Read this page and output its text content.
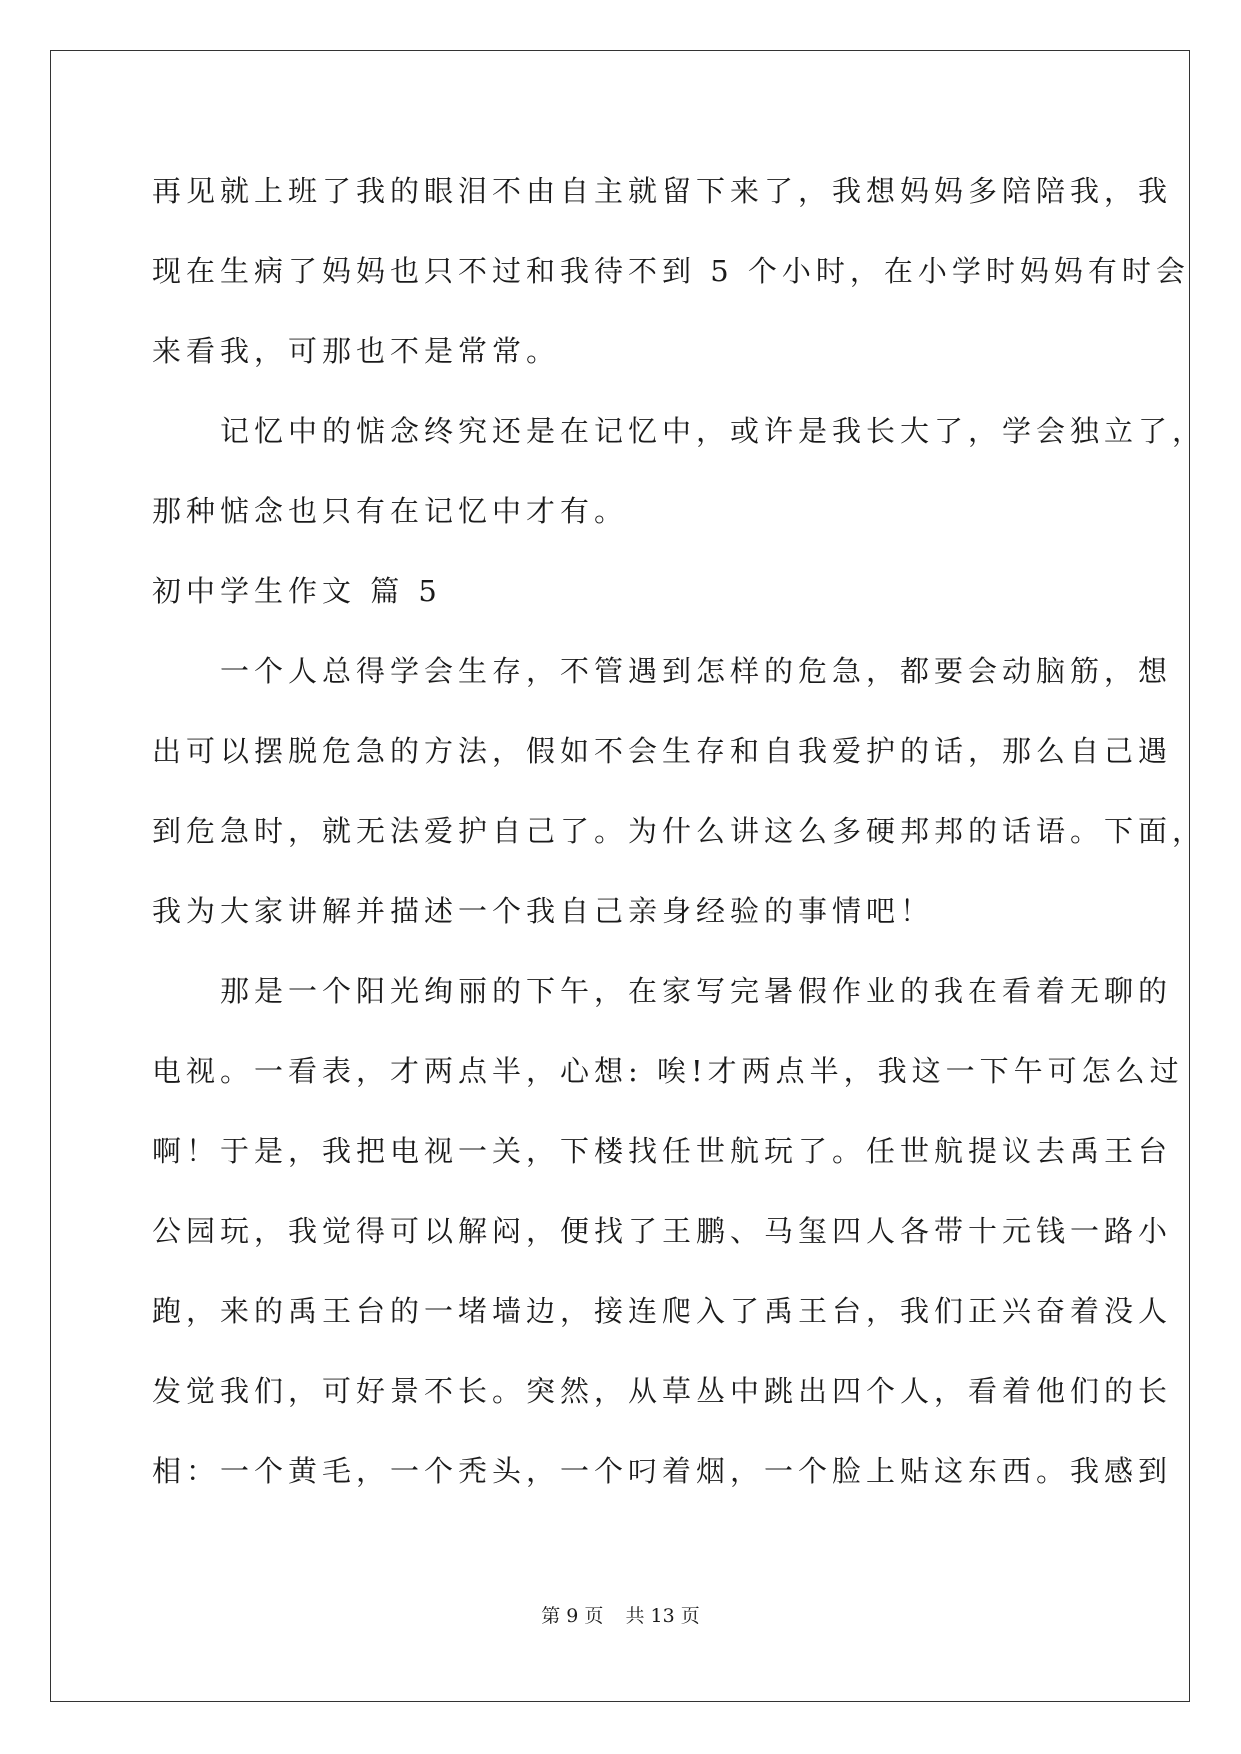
再见就上班了我的眼泪不由自主就留下来了，我想妈妈多陪陪我，我
现在生病了妈妈也只不过和我待不到 5 个小时，在小学时妈妈有时会
来看我，可那也不是常常。
　　记忆中的惦念终究还是在记忆中，或许是我长大了，学会独立了，
那种惦念也只有在记忆中才有。
初中学生作文 篇 5
　　一个人总得学会生存，不管遇到怎样的危急，都要会动脑筋，想
出可以摆脱危急的方法，假如不会生存和自我爱护的话，那么自己遇
到危急时，就无法爱护自己了。为什么讲这么多硬邦邦的话语。下面，
我为大家讲解并描述一个我自己亲身经验的事情吧！
　　那是一个阳光绚丽的下午，在家写完暑假作业的我在看着无聊的
电视。一看表，才两点半，心想: 唉!才两点半，我这一下午可怎么过
啊！于是，我把电视一关，下楼找任世航玩了。任世航提议去禹王台
公园玩，我觉得可以解闷，便找了王鹏、马玺四人各带十元钱一路小
跑，来的禹王台的一堵墙边，接连爬入了禹王台，我们正兴奋着没人
发觉我们，可好景不长。突然，从草丛中跳出四个人，看着他们的长
相：一个黄毛，一个秃头，一个叼着烟，一个脸上贴这东西。我感到
第 9 页 共 13 页
